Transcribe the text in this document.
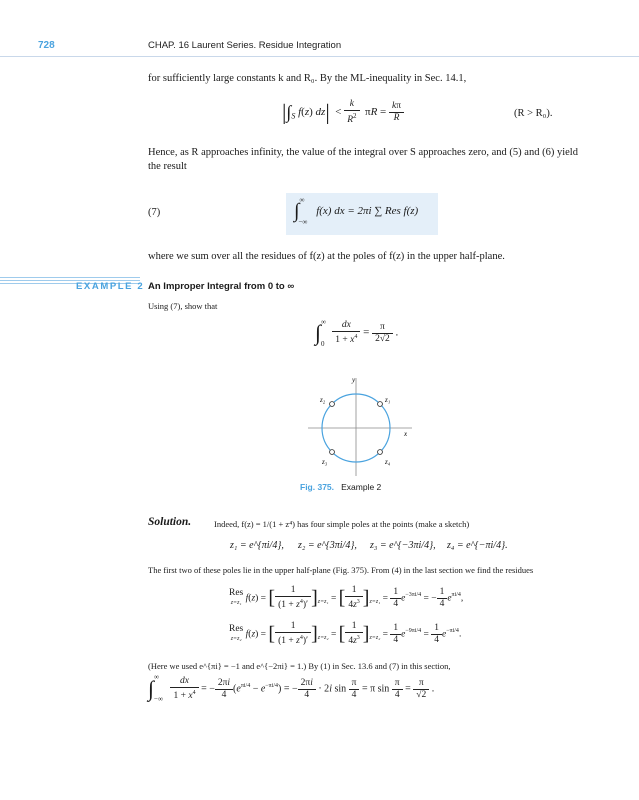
728	CHAP. 16 Laurent Series. Residue Integration
for sufficiently large constants k and R₀. By the ML-inequality in Sec. 14.1,
$|\int_S$ f(z) $dz| < \frac{k}{R^2}$ $\pi R = \frac{k\pi}{R}$	(R > R₀).
Hence, as R approaches infinity, the value of the integral over S approaches zero, and (5) and (6) yield the result
(7)	$\int^\infty_{-\infty}$ f(x) dx = 2πi ∑ Res f(z)
where we sum over all the residues of f(z) at the poles of f(z) in the upper half-plane.
EXAMPLE 2 An Improper Integral from 0 to ∞
Using (7), show that
$\int^\infty_0 \frac{dx}{1 + x^4} = \frac{\pi}{2√2}$ .
y
x
z₁
z₂
z₃	z₄
Fig. 375. Example 2
Solution.	Indeed, f(z) = 1/(1 + z⁴) has four simple poles at the points (make a sketch)
z₁ = e^{πi/4}, z₂ = e^{3πi/4}, z₃ = e^{−3πi/4}, z₄ = e^{−πi/4}.
The first two of these poles lie in the upper half-plane (Fig. 375). From (4) in the last section we find the residues
Res
z=z₁ f(z) = [ $\frac{1}{(1 + z^4)'} ]_{z=z_1}$ = [ $\frac{1}{4z^3} ]_{z=z_1} = \frac{1}{4} e^{-3\pi i/4}$ = − $\frac{1}{4} e^{\pi i/4}$,
Res
z=z₂ f(z) = [ $\frac{1}{(1 + z^4)'} ]_{z=z_2}$ = [ $\frac{1}{4z^3} ]_{z=z_2} = \frac{1}{4} e^{-9\pi i/4} = \frac{1}{4} e^{-\pi i/4}$.
(Here we used e^{πi} = −1 and e^{−2πi} = 1.) By (1) in Sec. 13.6 and (7) in this section,
$\int^\infty_{-\infty} \frac{dx}{1 + x^4}$ = − $\frac{2\pi i}{4} (e^{\pi i/4} - e^{-\pi i/4})$ = − $\frac{2\pi i}{4} \cdot 2i$ $\sin \frac{\pi}{4} = \pi$ $\sin \frac{\pi}{4} = \frac{\pi}{√2}$ .
